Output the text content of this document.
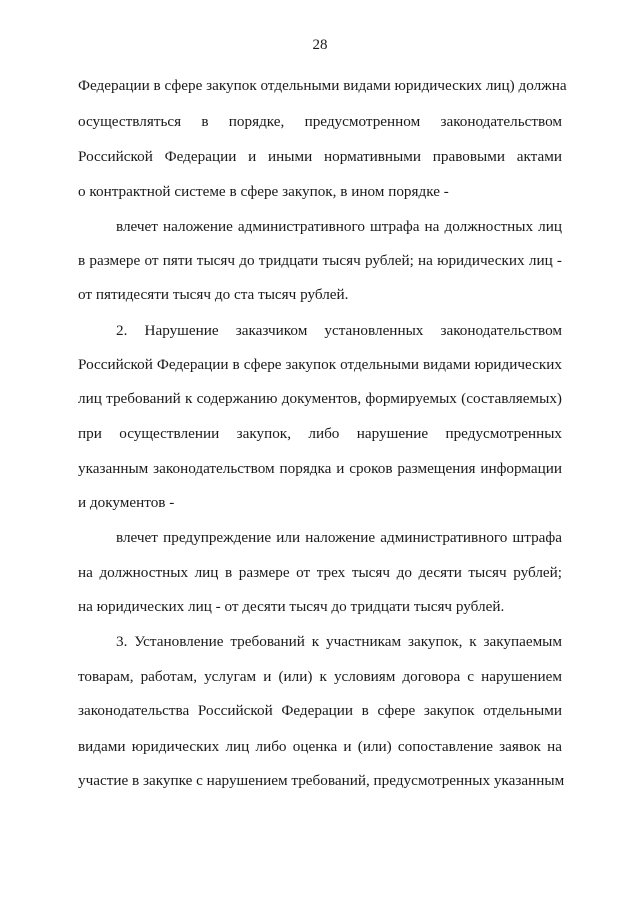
28
Федерации в сфере закупок отдельными видами юридических лиц) должна
осуществляться в порядке, предусмотренном законодательством
Российской Федерации и иными нормативными правовыми актами
о контрактной системе в сфере закупок, в ином порядке -
влечет наложение административного штрафа на должностных лиц
в размере от пяти тысяч до тридцати тысяч рублей; на юридических лиц -
от пятидесяти тысяч до ста тысяч рублей.
2. Нарушение заказчиком установленных законодательством
Российской Федерации в сфере закупок отдельными видами юридических
лиц требований к содержанию документов, формируемых (составляемых)
при осуществлении закупок, либо нарушение предусмотренных
указанным законодательством порядка и сроков размещения информации
и документов -
влечет предупреждение или наложение административного штрафа
на должностных лиц в размере от трех тысяч до десяти тысяч рублей;
на юридических лиц - от десяти тысяч до тридцати тысяч рублей.
3. Установление требований к участникам закупок, к закупаемым
товарам, работам, услугам и (или) к условиям договора с нарушением
законодательства Российской Федерации в сфере закупок отдельными
видами юридических лиц либо оценка и (или) сопоставление заявок на
участие в закупке с нарушением требований, предусмотренных указанным
